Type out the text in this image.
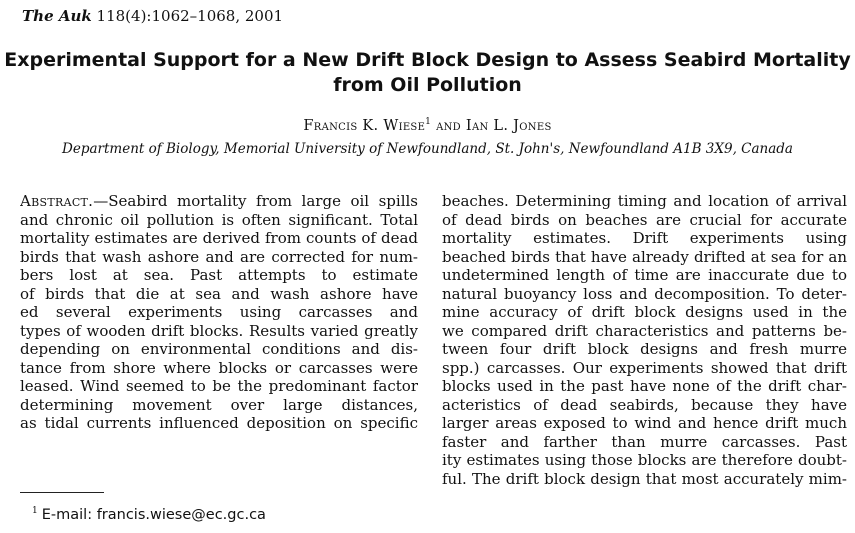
The Auk 118(4):1062–1068, 2001
Experimental Support for a New Drift Block Design to Assess Seabird Mortality
from Oil Pollution
Francis K. Wiese$^1$ and Ian L. Jones
Department of Biology, Memorial University of Newfoundland, St. John's, Newfoundland A1B 3X9, Canada
Abstract.—Seabird mortality from large oil spills
and chronic oil pollution is often significant. Total
mortality estimates are derived from counts of dead
birds that wash ashore and are corrected for num-
bers lost at sea. Past attempts to estimate
of birds that die at sea and wash ashore have
ed several experiments using carcasses and
types of wooden drift blocks. Results varied greatly
depending on environmental conditions and dis-
tance from shore where blocks or carcasses were
leased. Wind seemed to be the predominant factor
determining movement over large distances,
as tidal currents influenced deposition on specific
beaches. Determining timing and location of arrival
of dead birds on beaches are crucial for accurate
mortality estimates. Drift experiments using
beached birds that have already drifted at sea for an
undetermined length of time are inaccurate due to
natural buoyancy loss and decomposition. To deter-
mine accuracy of drift block designs used in the
we compared drift characteristics and patterns be-
tween four drift block designs and fresh murre
spp.) carcasses. Our experiments showed that drift
blocks used in the past have none of the drift char-
acteristics of dead seabirds, because they have
larger areas exposed to wind and hence drift much
faster and farther than murre carcasses. Past
ity estimates using those blocks are therefore doubt-
ful. The drift block design that most accurately mim-
$^1$ E-mail: francis.wiese@ec.gc.ca
